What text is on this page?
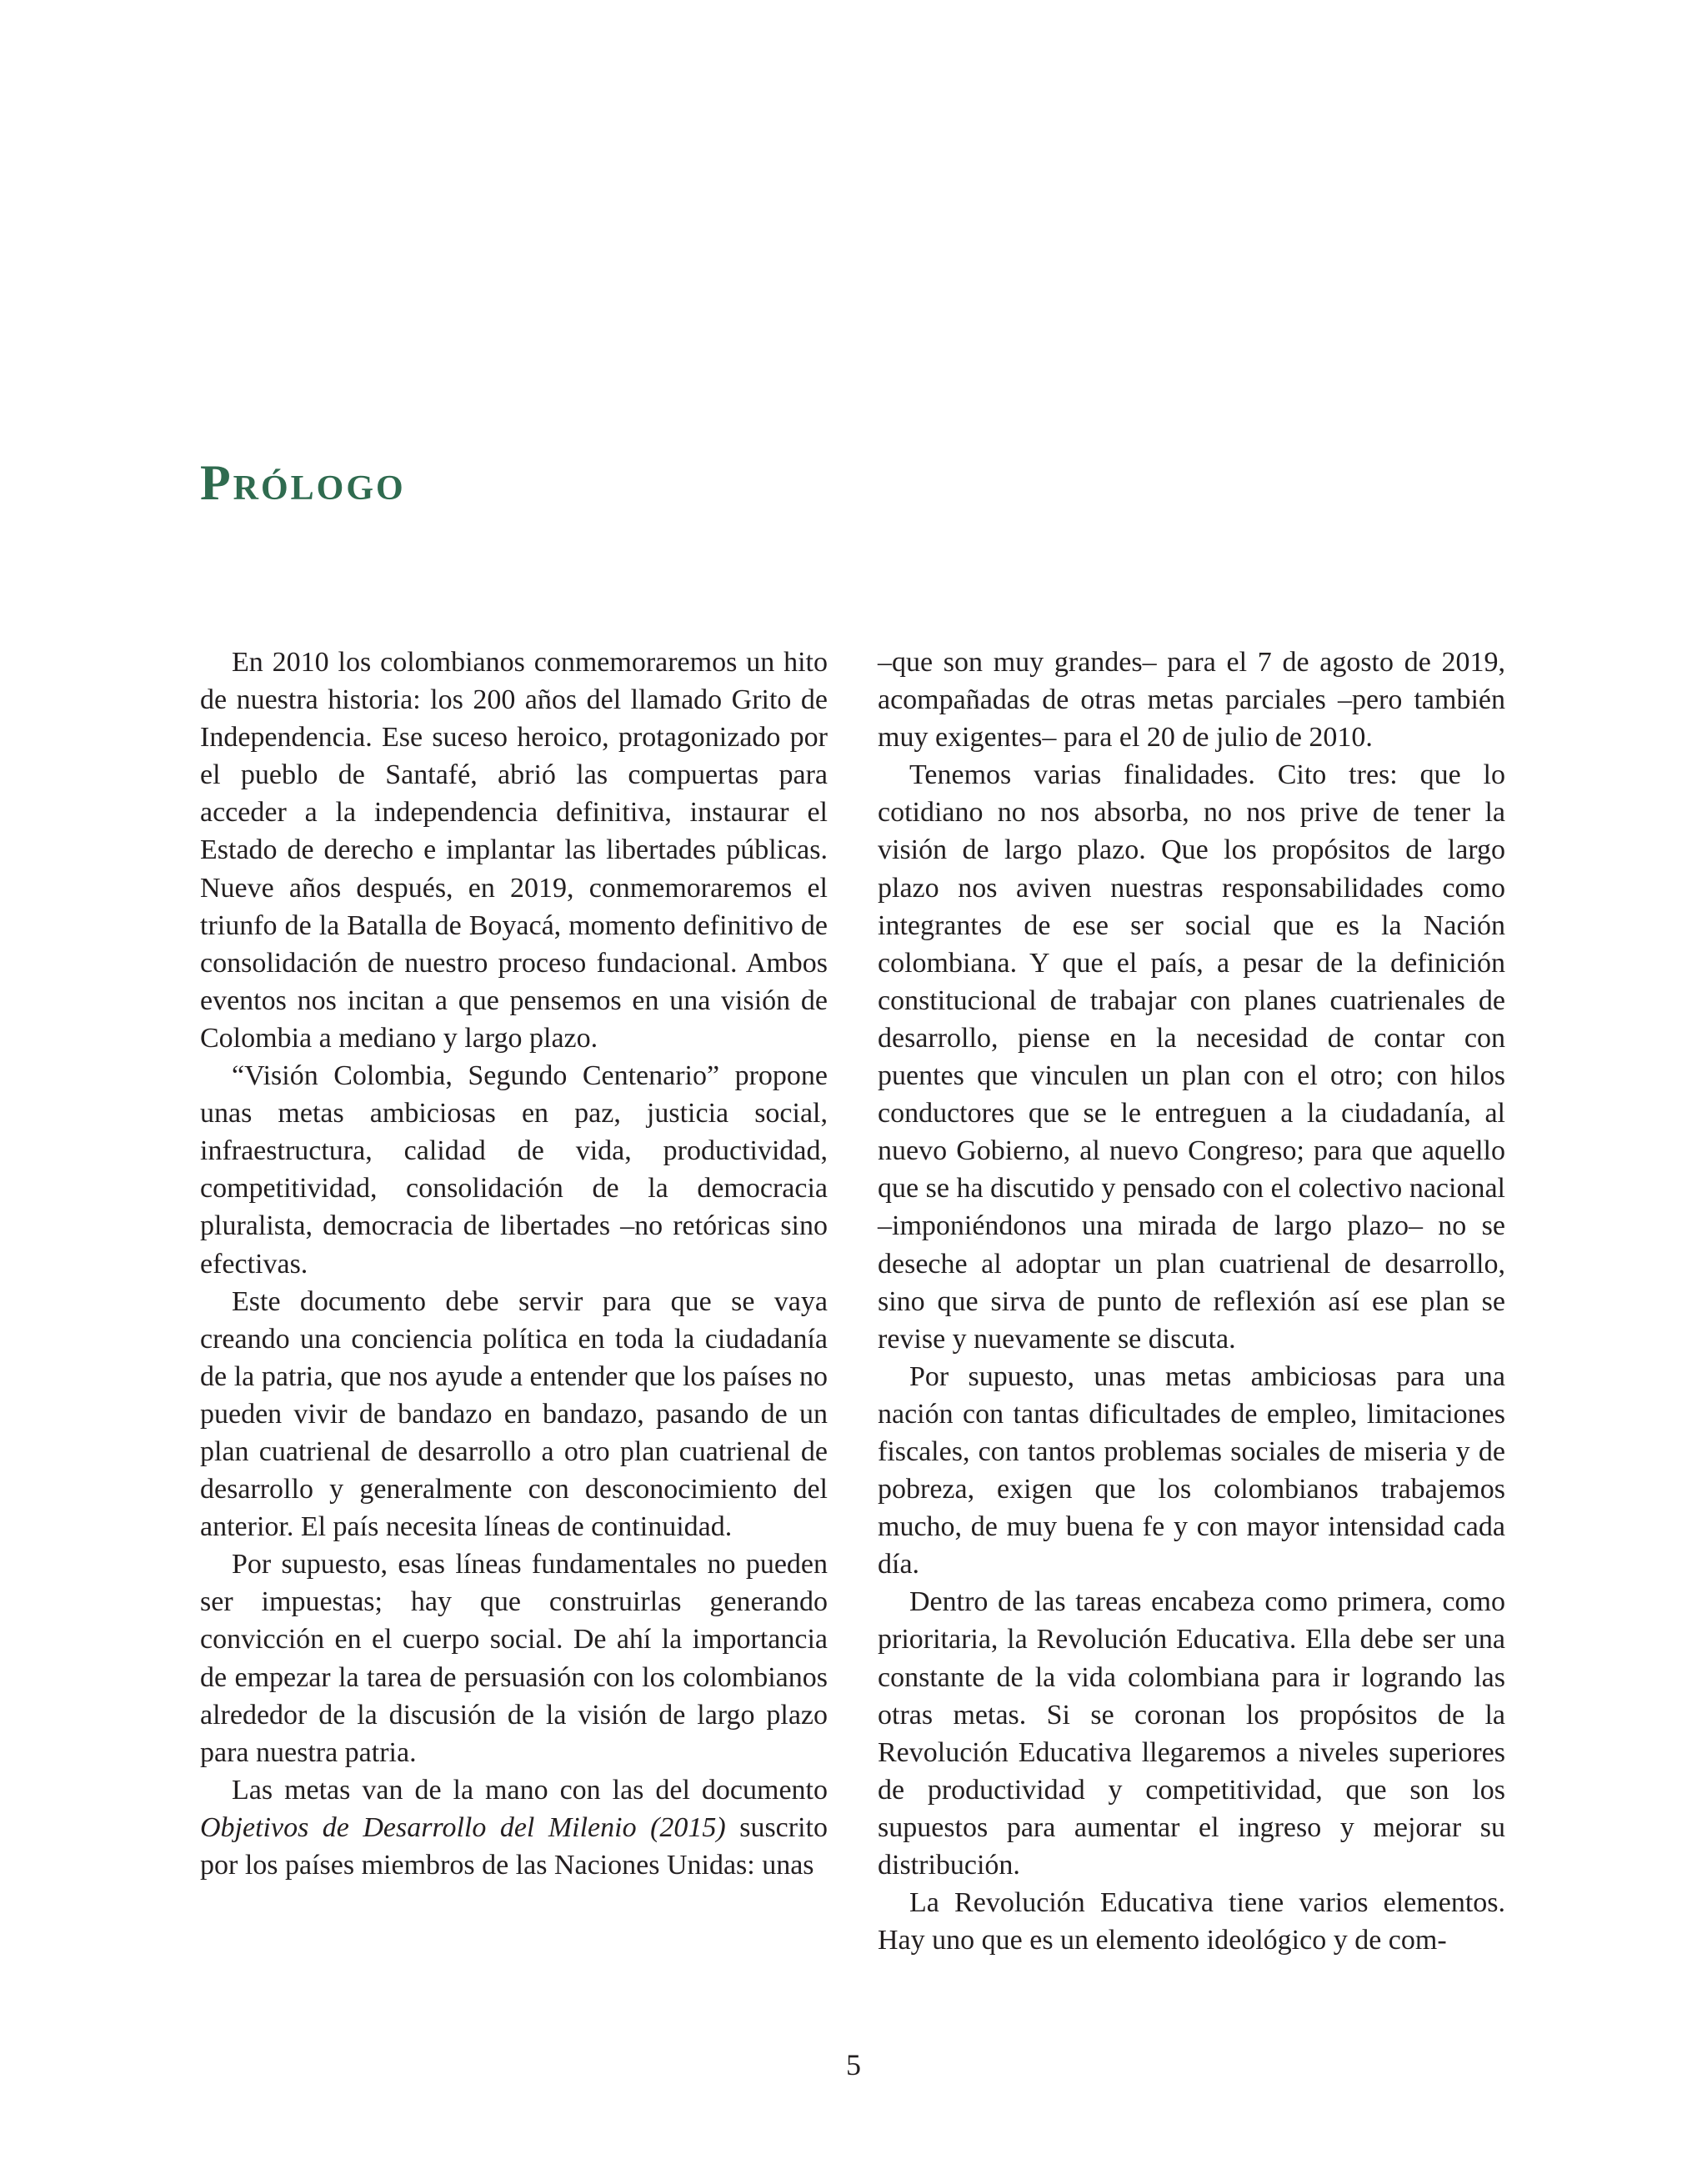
Prólogo

En 2010 los colombianos conmemoraremos un hito de nuestra historia: los 200 años del llamado Grito de Independencia. Ese suceso heroico, protagonizado por el pueblo de Santafé, abrió las compuertas para acceder a la independencia definitiva, instaurar el Estado de derecho e implantar las libertades públicas. Nueve años después, en 2019, conmemoraremos el triunfo de la Batalla de Boyacá, momento definitivo de consolidación de nuestro proceso fundacional. Ambos eventos nos incitan a que pensemos en una visión de Colombia a mediano y largo plazo.

“Visión Colombia, Segundo Centenario” propone unas metas ambiciosas en paz, justicia social, infraestructura, calidad de vida, productividad, competitividad, consolidación de la democracia pluralista, democracia de libertades –no retóricas sino efectivas.

Este documento debe servir para que se vaya creando una conciencia política en toda la ciudadanía de la patria, que nos ayude a entender que los países no pueden vivir de bandazo en bandazo, pasando de un plan cuatrienal de desarrollo a otro plan cuatrienal de desarrollo y generalmente con desconocimiento del anterior. El país necesita líneas de continuidad.

Por supuesto, esas líneas fundamentales no pueden ser impuestas; hay que construirlas generando convicción en el cuerpo social. De ahí la importancia de empezar la tarea de persuasión con los colombianos alrededor de la discusión de la visión de largo plazo para nuestra patria.

Las metas van de la mano con las del documento Objetivos de Desarrollo del Milenio (2015) suscrito por los países miembros de las Naciones Unidas: unas

–que son muy grandes– para el 7 de agosto de 2019, acompañadas de otras metas parciales –pero también muy exigentes– para el 20 de julio de 2010.

Tenemos varias finalidades. Cito tres: que lo cotidiano no nos absorba, no nos prive de tener la visión de largo plazo. Que los propósitos de largo plazo nos aviven nuestras responsabilidades como integrantes de ese ser social que es la Nación colombiana. Y que el país, a pesar de la definición constitucional de trabajar con planes cuatrienales de desarrollo, piense en la necesidad de contar con puentes que vinculen un plan con el otro; con hilos conductores que se le entreguen a la ciudadanía, al nuevo Gobierno, al nuevo Congreso; para que aquello que se ha discutido y pensado con el colectivo nacional –imponiéndonos una mirada de largo plazo– no se deseche al adoptar un plan cuatrienal de desarrollo, sino que sirva de punto de reflexión así ese plan se revise y nuevamente se discuta.

Por supuesto, unas metas ambiciosas para una nación con tantas dificultades de empleo, limitaciones fiscales, con tantos problemas sociales de miseria y de pobreza, exigen que los colombianos trabajemos mucho, de muy buena fe y con mayor intensidad cada día.

Dentro de las tareas encabeza como primera, como prioritaria, la Revolución Educativa. Ella debe ser una constante de la vida colombiana para ir logrando las otras metas. Si se coronan los propósitos de la Revolución Educativa llegaremos a niveles superiores de productividad y competitividad, que son los supuestos para aumentar el ingreso y mejorar su distribución.

La Revolución Educativa tiene varios elementos. Hay uno que es un elemento ideológico y de com-

5
